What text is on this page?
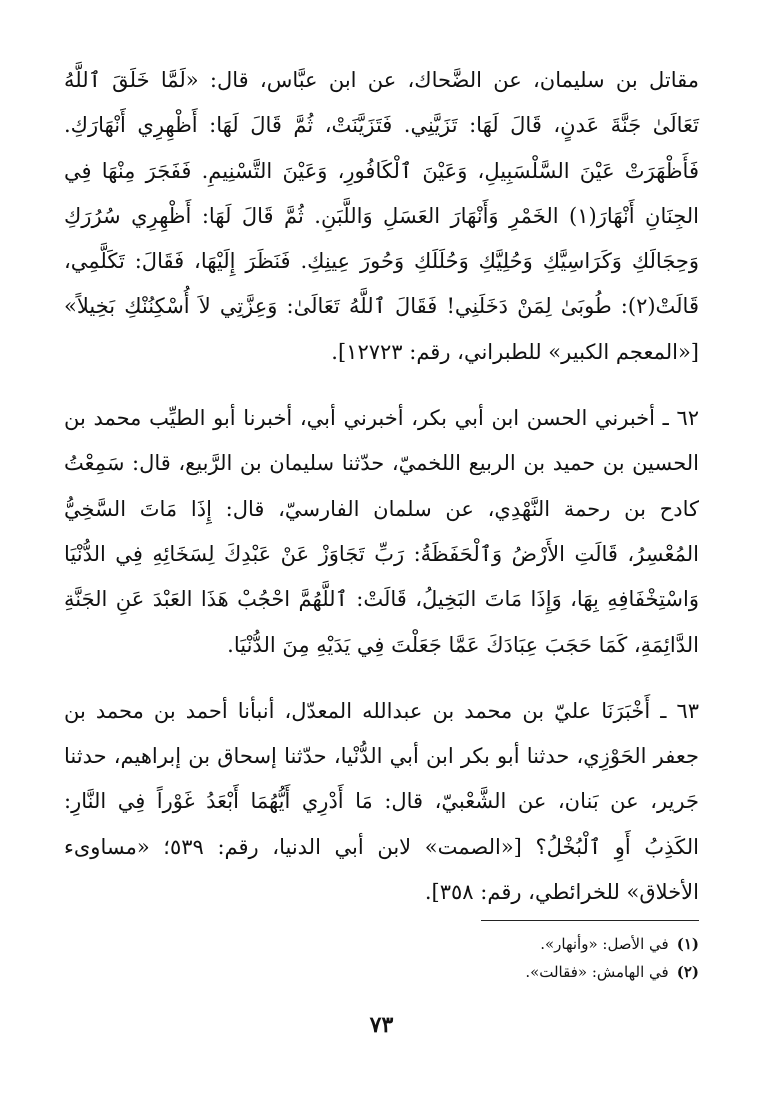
مقاتل بن سليمان، عن الضَّحاك، عن ابن عبَّاس، قال: «لَمَّا خَلَقَ ٱللَّهُ تَعَالَىٰ جَنَّةَ عَدنٍ، قَالَ لَهَا: تَزَيَّنِي. فَتَزَيَّنَتْ، ثُمَّ قَالَ لَهَا: أَظْهِرِي أَنْهَارَكِ. فَأَظْهَرَتْ عَيْنَ السَّلْسَبِيلِ، وَعَيْنَ ٱلْكَافُورِ، وَعَيْنَ التَّسْنِيمِ. فَفَجَرَ مِنْهَا فِي الجِنَانِ أَنْهَارَ(١) الخَمْرِ وَأَنْهَارَ العَسَلِ وَاللَّبَنِ. ثُمَّ قَالَ لَهَا: أَظْهِرِي سُرُرَكِ وَحِجَالَكِ وَكَرَاسِيَّكِ وَحُلِيَّكِ وَحُلَلَكِ وَحُورَ عِينِكِ. فَنَظَرَ إِلَيْهَا، فَقَالَ: تَكَلَّمِي، قَالَتْ(٢): طُوبَىٰ لِمَنْ دَخَلَنِي! فَقَالَ ٱللَّهُ تَعَالَىٰ: وَعِزَّتِي لاَ أُسْكِنُنْكِ بَخِيلاً» [«المعجم الكبير» للطبراني، رقم: ١٢٧٢٣].

٦٢ ـ أخبرني الحسن ابن أبي بكر، أخبرني أبي، أخبرنا أبو الطيِّب محمد بن الحسين بن حميد بن الربيع اللخميّ، حدّثنا سليمان بن الرَّبيع، قال: سَمِعْتُ كادح بن رحمة النَّهْدِي، عن سلمان الفارسيّ، قال: إِذَا مَاتَ السَّخِيُّ المُعْسِرُ، قَالَتِ الأَرْضُ وَٱلْحَفَظَةُ: رَبِّ تَجَاوَزْ عَنْ عَبْدِكَ لِسَخَائِهِ فِي الدُّنْيَا وَاسْتِخْفَافِهِ بِهَا، وَإِذَا مَاتَ البَخِيلُ، قَالَتْ: ٱللَّهُمَّ احْجُبْ هَذَا العَبْدَ عَنِ الجَنَّةِ الدَّائِمَةِ، كَمَا حَجَبَ عِبَادَكَ عَمَّا جَعَلْتَ فِي يَدَيْهِ مِنَ الدُّنْيَا.

٦٣ ـ أَخْبَرَنَا عليّ بن محمد بن عبدالله المعدّل، أنبأنا أحمد بن محمد بن جعفر الحَوْزِي، حدثنا أبو بكر ابن أبي الدُّنْيا، حدّثنا إسحاق بن إبراهيم، حدثنا جَرير، عن بَنان، عن الشَّعْبيّ، قال: مَا أَدْرِي أَيُّهُمَا أَبْعَدُ غَوْراً فِي النَّارِ: الكَذِبُ أَوِ ٱلْبُخْلُ؟ [«الصمت» لابن أبي الدنيا، رقم: ٥٣٩؛ «مساوىء الأخلاق» للخرائطي، رقم: ٣٥٨].

(١)في الأصل: «وأنهار».

(٢)في الهامش: «فقالت».

٧٣
